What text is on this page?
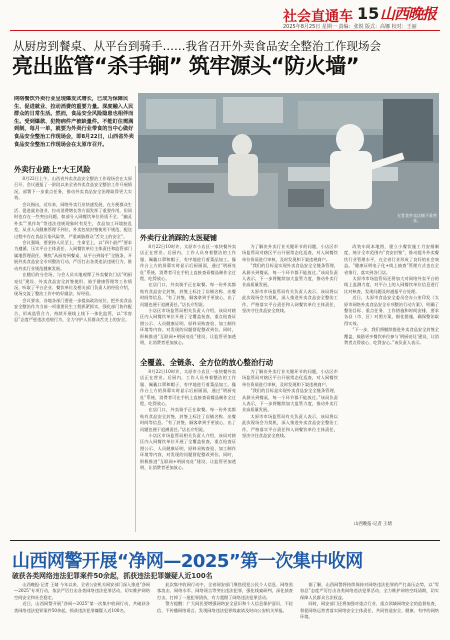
社会直通车 15 山西晚报
2025年8月25日 星期一 责编：张锐 版式：高娜 校对：王丽
从厨房到餐桌、从平台到骑手……我省召开外卖食品安全整治工作现场会
亮出监管“杀手锏” 筑牢源头“防火墙”
网络餐饮外卖行业呈现爆发式增长，已成为保障民生、促进就业、拉动消费的重要力量。深度融入人民群众的日常生活。然而，食品安全风险隐患也相伴而生。受到爆款、犯物病件产被缺量件。不能盯住需满到制，每月一单，就要为外卖行业带食的当中心做好食品安全整治工作现场会，即8月22日，山西省外卖食品安全整治工作现场会在太原市召开。
无堂食外卖店铺不准营业。
外卖行业踏上“大王风险

8月22日上午，山西省外卖食品安全整治工作现场会在太原召开，会议通报了一阶段以来全省外卖食品安全整治工作开展情况，部署下一步重点任务，推动外卖食品安全治理取得更大实效。

会议指出，近年来，网络外卖行业快速发展，在方便群众生活、促进就业创业、拉动消费增长等方面发挥了重要作用，但同时也存在一些突出问题，如部分入网餐饮单位资质不全、“幽灵外卖”“黑作坊”等违法违规现象时有发生，食品加工环境脏乱差，从业人员健康管理不到位，外卖包装封签使用不规范，配送过程中存在食品污染风险等，严重威胁群众“舌尖上的安全”。

会议强调，要坚持人民至上、生命至上，以“四个最严”要求为遵循，压实平台主体责任、入网餐饮单位主体责任和监管部门属地管理责任，聚焦“从厨房到餐桌、从平台到骑手”全链条，开展外卖食品安全专项整治行动，严厉打击各类违法违规行为，推动外卖行业规范健康发展。

在随后的分会场，与会人员实地观摩了外卖餐饮门店“明厨亮灶”建设、外卖食品安全封签使用、骑手健康管理等工作情况，听取了平台企业、餐饮单位及相关部门负责人的经验介绍，现场交流了整治工作中的好做法、好经验。

会议要求，各地各部门要进一步提高政治站位，把外卖食品安全整治作为当前一项重要民生工程抓紧抓实，强化部门协作配合，形成监管合力，持续开展线上线下一体化监管，以“零容忍”态度严惩违法违规行为，全力守护人民群众舌尖上的安全。

外卖行业消踩的太医疑铺

8月22日10时许，太原市小店区一家快餐外卖店正在营业。后厨内，工作人员身着整洁的工作服、佩戴口罩和帽子，有序地进行着菜品加工。操作台上方的屏幕实时显示后厨画面，通过“明厨亮灶”系统，消费者可在手机上直接查看餐品制作全过程，吃得放心。

在店门口，外卖骑手正在取餐。每一份外卖都贴有食品安全封签，封签上标注了店铺名称、出餐时间等信息。“有了封签，顾客拿到手更放心，出了问题也便于追溯责任。”店长介绍说。

小店区市场监管局相关负责人介绍，该局对辖区内入网餐饮单位开展了全覆盖检查，重点检查证照公示、人员健康证明、原料采购查验、加工制作环境等内容，对发现的问题督促整改到位。同时，积极推进“互联网+明厨亮灶”建设，让监管更加透明，让消费者更加放心。

为了解决外卖行业关键环节的问题，小店区市场监管局对辖区平台开展常态化巡查，对入网餐饮单位资质进行审核，及时发现和下架违规商户。

“我们的目标是实现外卖食品安全全链条管理，从源头到餐桌，每一个环节都不能放过。”该局负责人表示，下一步将继续加大监管力度，推动外卖行业高质量发展。

太原市市场监管局有关负责人表示，该局将以此次现场会为契机，深入推进外卖食品安全整治工作，严格落实平台责任和入网餐饮单位主体责任，坚决守住食品安全底线。

全覆盖、全链条、全方位的放心整治行动

8月22日10时许，太原市小店区一家快餐外卖店正在营业。后厨内，工作人员身着整洁的工作服、佩戴口罩和帽子，有序地进行着菜品加工。操作台上方的屏幕实时显示后厨画面，通过“明厨亮灶”系统，消费者可在手机上直接查看餐品制作全过程，吃得放心。

在店门口，外卖骑手正在取餐。每一份外卖都贴有食品安全封签，封签上标注了店铺名称、出餐时间等信息。“有了封签，顾客拿到手更放心，出了问题也便于追溯责任。”店长介绍说。

小店区市场监管局相关负责人介绍，该局对辖区内入网餐饮单位开展了全覆盖检查，重点检查证照公示、人员健康证明、原料采购查验、加工制作环境等内容，对发现的问题督促整改到位。同时，积极推进“互联网+明厨亮灶”建设，让监管更加透明，让消费者更加放心。

为了解决外卖行业关键环节的问题，小店区市场监管局对辖区平台开展常态化巡查，对入网餐饮单位资质进行审核，及时发现和下架违规商户。

“我们的目标是实现外卖食品安全全链条管理，从源头到餐桌，每一个环节都不能放过。”该局负责人表示，下一步将继续加大监管力度，推动外卖行业高质量发展。

太原市市场监管局有关负责人表示，该局将以此次现场会为契机，深入推进外卖食品安全整治工作，严格落实平台责任和入网餐饮单位主体责任，坚决守住食品安全底线。

改装车间本地图，建立小餐饮施工月安排制度，统计全市范围内“食安封签”，推动提升外卖餐饮行业管理水平，在全省行业形成了良好的社会效益。“健康证明电子化+线上抽查”管理方式也在全省推行，落实到各门店。

太原市市场监管局还将加大对网络外卖平台的线上监测力度，对平台上的入网餐饮单位信息进行比对核查，发现问题及时通报平台处理。

近日，太原市食品安全委员会办公室印发《太原市网络外卖食品安全专项整治行动方案》，明确了整治目标、重点任务、工作措施和时间安排，要求各县（市、区）对照方案，细化措施，确保整治取得实效。

“下一步，我们将继续推进外卖食品安全封签全覆盖，鼓励更多餐饮单位参与‘明厨亮灶’建设，让消费者点得放心、吃得安心。”该负责人表示。

山西晚报·记者 王婧
山西网警开展“净网—2025”第一次集中收网
破获各类网络违法犯罪案件50余起，抓获违法犯罪嫌疑人近100名

山西晚报·记者 王婧 今年以来，全省公安机关网安部门深入推进“净网—2025”专项行动，依法严厉打击各类网络违法犯罪活动，切实维护网络空间安全和社会稳定。

近日，山西网警开展“净网—2025”第一次集中收网行动，共破获各类网络违法犯罪案件50余起，抓获违法犯罪嫌疑人近100名。

此次集中收网行动中，全省网安部门聚焦侵犯公民个人信息、网络黑客攻击、网络水军、网络谣言等突出违法犯罪，强化线索研判，深化侦查打击，打掉了一批犯罪团伙，有力震慑了网络违法犯罪活动。

警方提醒：广大网民要增强网络安全意识和个人信息保护意识，不轻信、不传播网络谣言，发现网络违法犯罪线索请及时向公安机关举报。

据了解，山西网警将持续保持对网络违法犯罪的严打高压态势，以“零容忍”态度严厉打击各类网络违法犯罪活动，全力维护网络空间清朗，切实保障人民群众合法权益。

同时，网安部门还将加强对重点行业、重点领域网络安全的监督检查，督促网络运营者落实网络安全主体责任，共同营造安全、健康、有序的网络环境。
